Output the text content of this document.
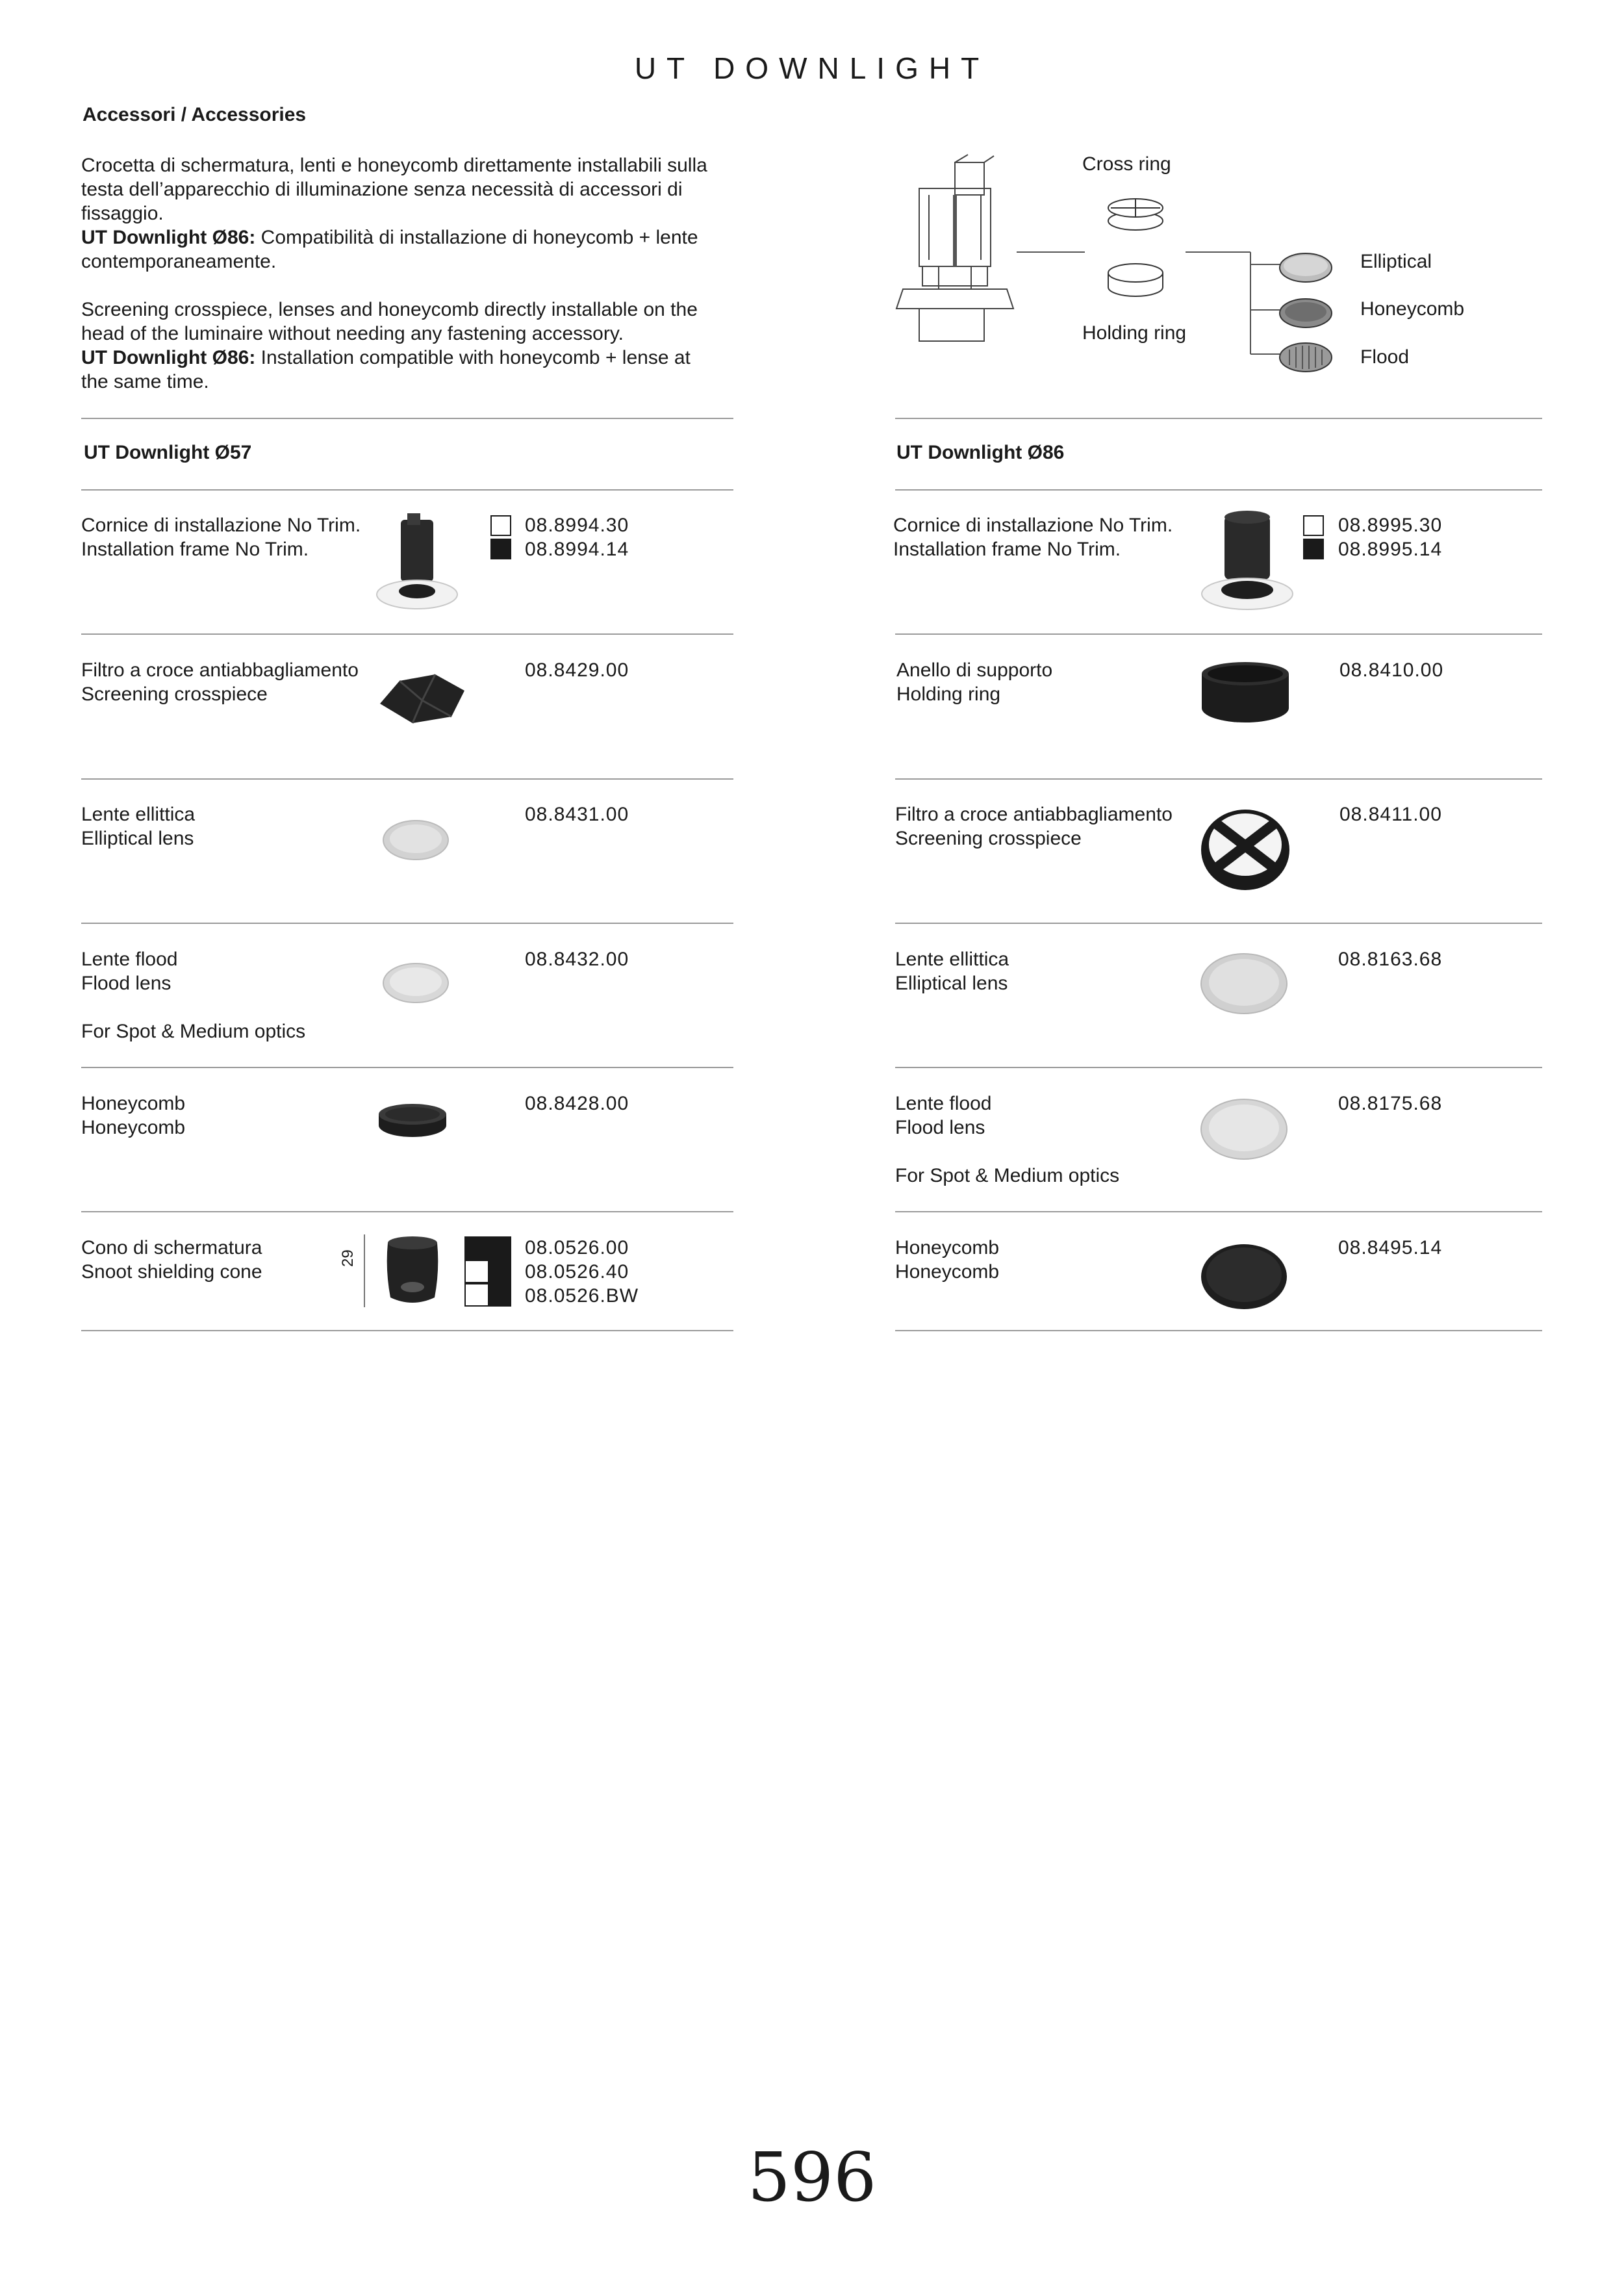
UT DOWNLIGHT
Accessori / Accessories
Crocetta di schermatura, lenti e honeycomb direttamente installabili sulla
testa dell’apparecchio di illuminazione senza necessità di accessori di
fissaggio.
UT Downlight Ø86: Compatibilità di installazione di honeycomb + lente
contemporaneamente.
Screening crosspiece, lenses and honeycomb directly installable on the
head of the luminaire without needing any fastening accessory.
UT Downlight Ø86: Installation compatible with honeycomb + lense at
the same time.
Cross ring
Holding ring
Elliptical
Honeycomb
Flood
UT Downlight Ø57	UT Downlight Ø86
Cornice di installazione No Trim.
Installation frame No Trim.
08.8994.30
08.8994.14
Filtro a croce antiabbagliamento
Screening crosspiece
08.8429.00
Lente ellittica
Elliptical lens
08.8431.00
Lente flood
Flood lens
For Spot & Medium optics
08.8432.00
Honeycomb
Honeycomb
08.8428.00
Cono di schermatura
Snoot shielding cone
29	08.0526.00
08.0526.40
08.0526.BW
Cornice di installazione No Trim.
Installation frame No Trim.
08.8995.30
08.8995.14
Anello di supporto
Holding ring
08.8410.00
Filtro a croce antiabbagliamento
Screening crosspiece
08.8411.00
Lente ellittica
Elliptical lens
08.8163.68
Lente flood
Flood lens
For Spot & Medium optics
08.8175.68
Honeycomb
Honeycomb
08.8495.14
596
